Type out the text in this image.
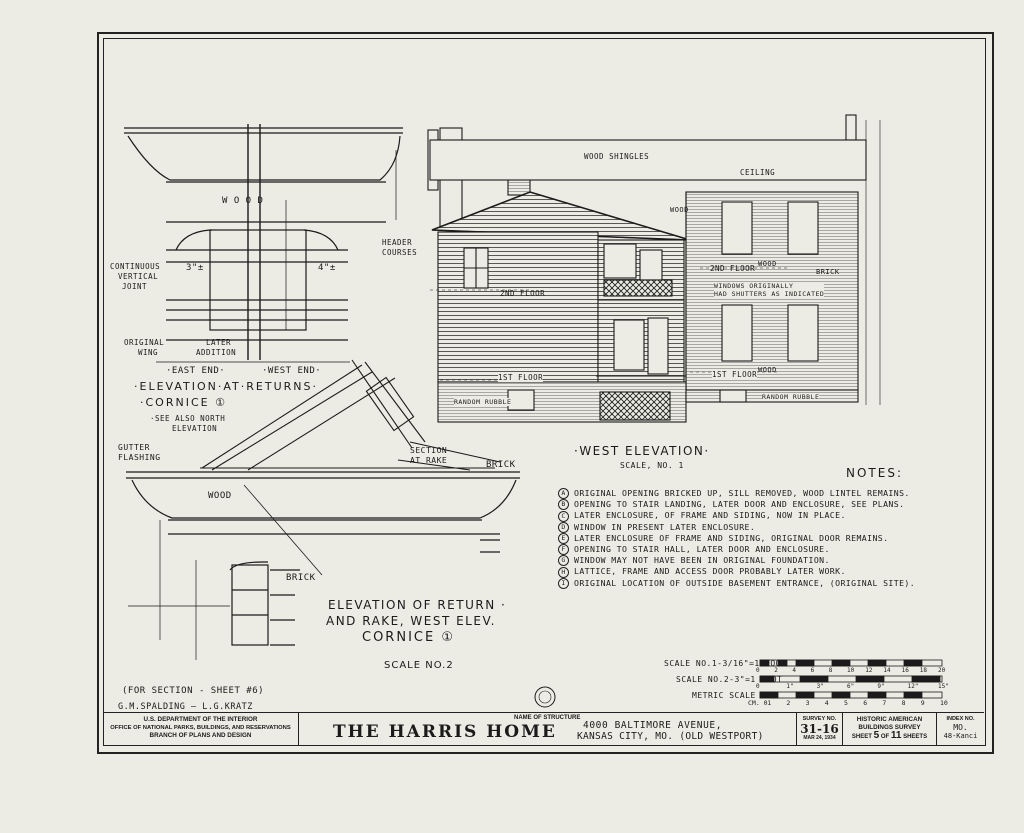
W O O D
CONTINUOUS
VERTICAL
JOINT
3"±	4"±
ORIGINAL
WING
LATER
ADDITION
·EAST END·	·WEST END·
·ELEVATION·AT·RETURNS·
·CORNICE ①
·SEE ALSO NORTH
ELEVATION
GUTTER
FLASHING
SECTION
AT RAKE	BRICK
WOOD
BRICK
ELEVATION OF RETURN ·
AND RAKE, WEST ELEV.
CORNICE ①
SCALE NO.2
WOOD SHINGLES
CEILING
HEADER
COURSES
2ND FLOOR
2ND FLOOR
WOOD
WOOD
WOOD
WINDOWS ORIGINALLY
HAD SHUTTERS AS INDICATED
BRICK
1ST FLOOR	1ST FLOOR
RANDOM RUBBLE
RANDOM RUBBLE
·WEST ELEVATION·
SCALE, NO. 1
NOTES:
A	ORIGINAL OPENING BRICKED UP, SILL REMOVED, WOOD LINTEL REMAINS.
B	OPENING TO STAIR LANDING, LATER DOOR AND ENCLOSURE, SEE PLANS.
C	LATER ENCLOSURE, OF FRAME AND SIDING, NOW IN PLACE.
D	WINDOW IN PRESENT LATER ENCLOSURE.
E	LATER ENCLOSURE OF FRAME AND SIDING, ORIGINAL DOOR REMAINS.
F	OPENING TO STAIR HALL, LATER DOOR AND ENCLOSURE.
G	WINDOW MAY NOT HAVE BEEN IN ORIGINAL FOUNDATION.
H	LATTICE, FRAME AND ACCESS DOOR PROBABLY LATER WORK.
I	ORIGINAL LOCATION OF OUTSIDE BASEMENT ENTRANCE, (ORIGINAL SITE).
SCALE NO.1-3/16"=1 FOOT
SCALE NO.2-3"=1 FOOT
METRIC SCALE
0 2 4 6 8 10 12 14 16 18 20
0	1"	3"	6"	9"	12"	15"
CM. 0 1 2 3 4 5 6 7 8 9 10
(FOR SECTION - SHEET #6)
G.M.SPALDING — L.G.KRATZ
U.S. DEPARTMENT OF THE INTERIOR
OFFICE OF NATIONAL PARKS, BUILDINGS, AND RESERVATIONS
BRANCH OF PLANS AND DESIGN
NAME OF STRUCTURE
THE HARRIS HOME	4000 BALTIMORE AVENUE,
KANSAS CITY, MO. (OLD WESTPORT)
SURVEY NO.
31-16
MAR 24, 1934
HISTORIC AMERICAN
BUILDINGS SURVEY
SHEET 5 OF 11 SHEETS
INDEX NO.
MO.
48-Kanci
